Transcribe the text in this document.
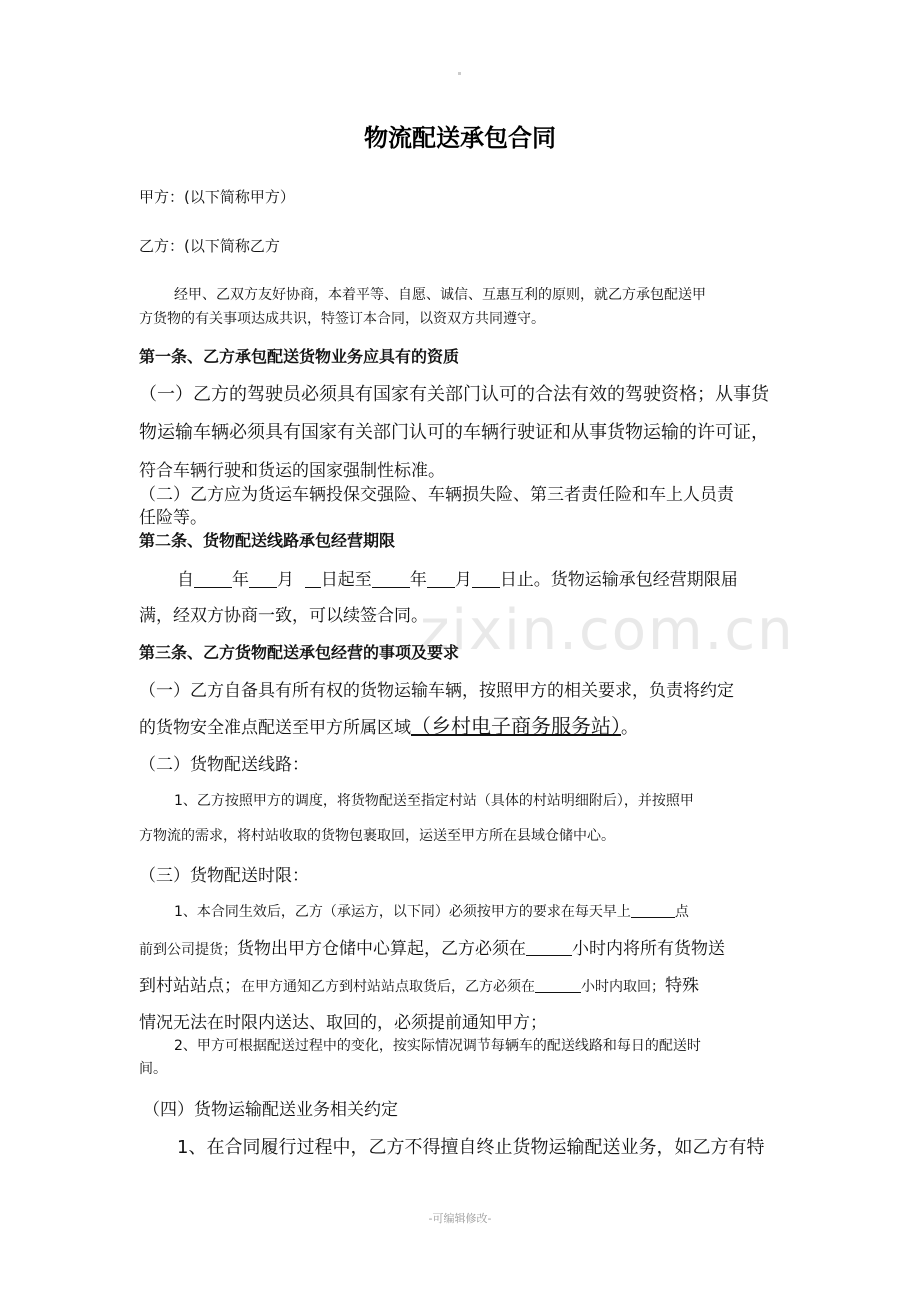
zixin.com.cn
物流配送承包合同
甲方：(以下简称甲方）
乙方：(以下简称乙方
经甲、乙双方友好协商，本着平等、自愿、诚信、互惠互利的原则，就乙方承包配送甲
方货物的有关事项达成共识，特签订本合同，以资双方共同遵守。
第一条、乙方承包配送货物业务应具有的资质
（一）乙方的驾驶员必须具有国家有关部门认可的合法有效的驾驶资格；从事货
物运输车辆必须具有国家有关部门认可的车辆行驶证和从事货物运输的许可证，
符合车辆行驶和货运的国家强制性标准。
（二）乙方应为货运车辆投保交强险、车辆损失险、第三者责任险和车上人员责
任险等。
第二条、货物配送线路承包经营期限
自 年 月 日起至 年 月 日止。货物运输承包经营期限届
满，经双方协商一致，可以续签合同。
第三条、乙方货物配送承包经营的事项及要求
（一）乙方自备具有所有权的货物运输车辆，按照甲方的相关要求，负责将约定
的货物安全准点配送至甲方所属区域（乡村电子商务服务站）。
（二）货物配送线路：
1、乙方按照甲方的调度，将货物配送至指定村站（具体的村站明细附后），并按照甲
方物流的需求，将村站收取的货物包裹取回，运送至甲方所在县域仓储中心。
（三）货物配送时限：
1、本合同生效后，乙方（承运方，以下同）必须按甲方的要求在每天早上	点
前到公司提货；货物出甲方仓储中心算起，乙方必须在	小时内将所有货物送
到村站站点；在甲方通知乙方到村站站点取货后，乙方必须在	小时内取回；特殊
情况无法在时限内送达、取回的，必须提前通知甲方；
2、甲方可根据配送过程中的变化，按实际情况调节每辆车的配送线路和每日的配送时
间。
（四）货物运输配送业务相关约定
1、在合同履行过程中，乙方不得擅自终止货物运输配送业务，如乙方有特
-可编辑修改-
